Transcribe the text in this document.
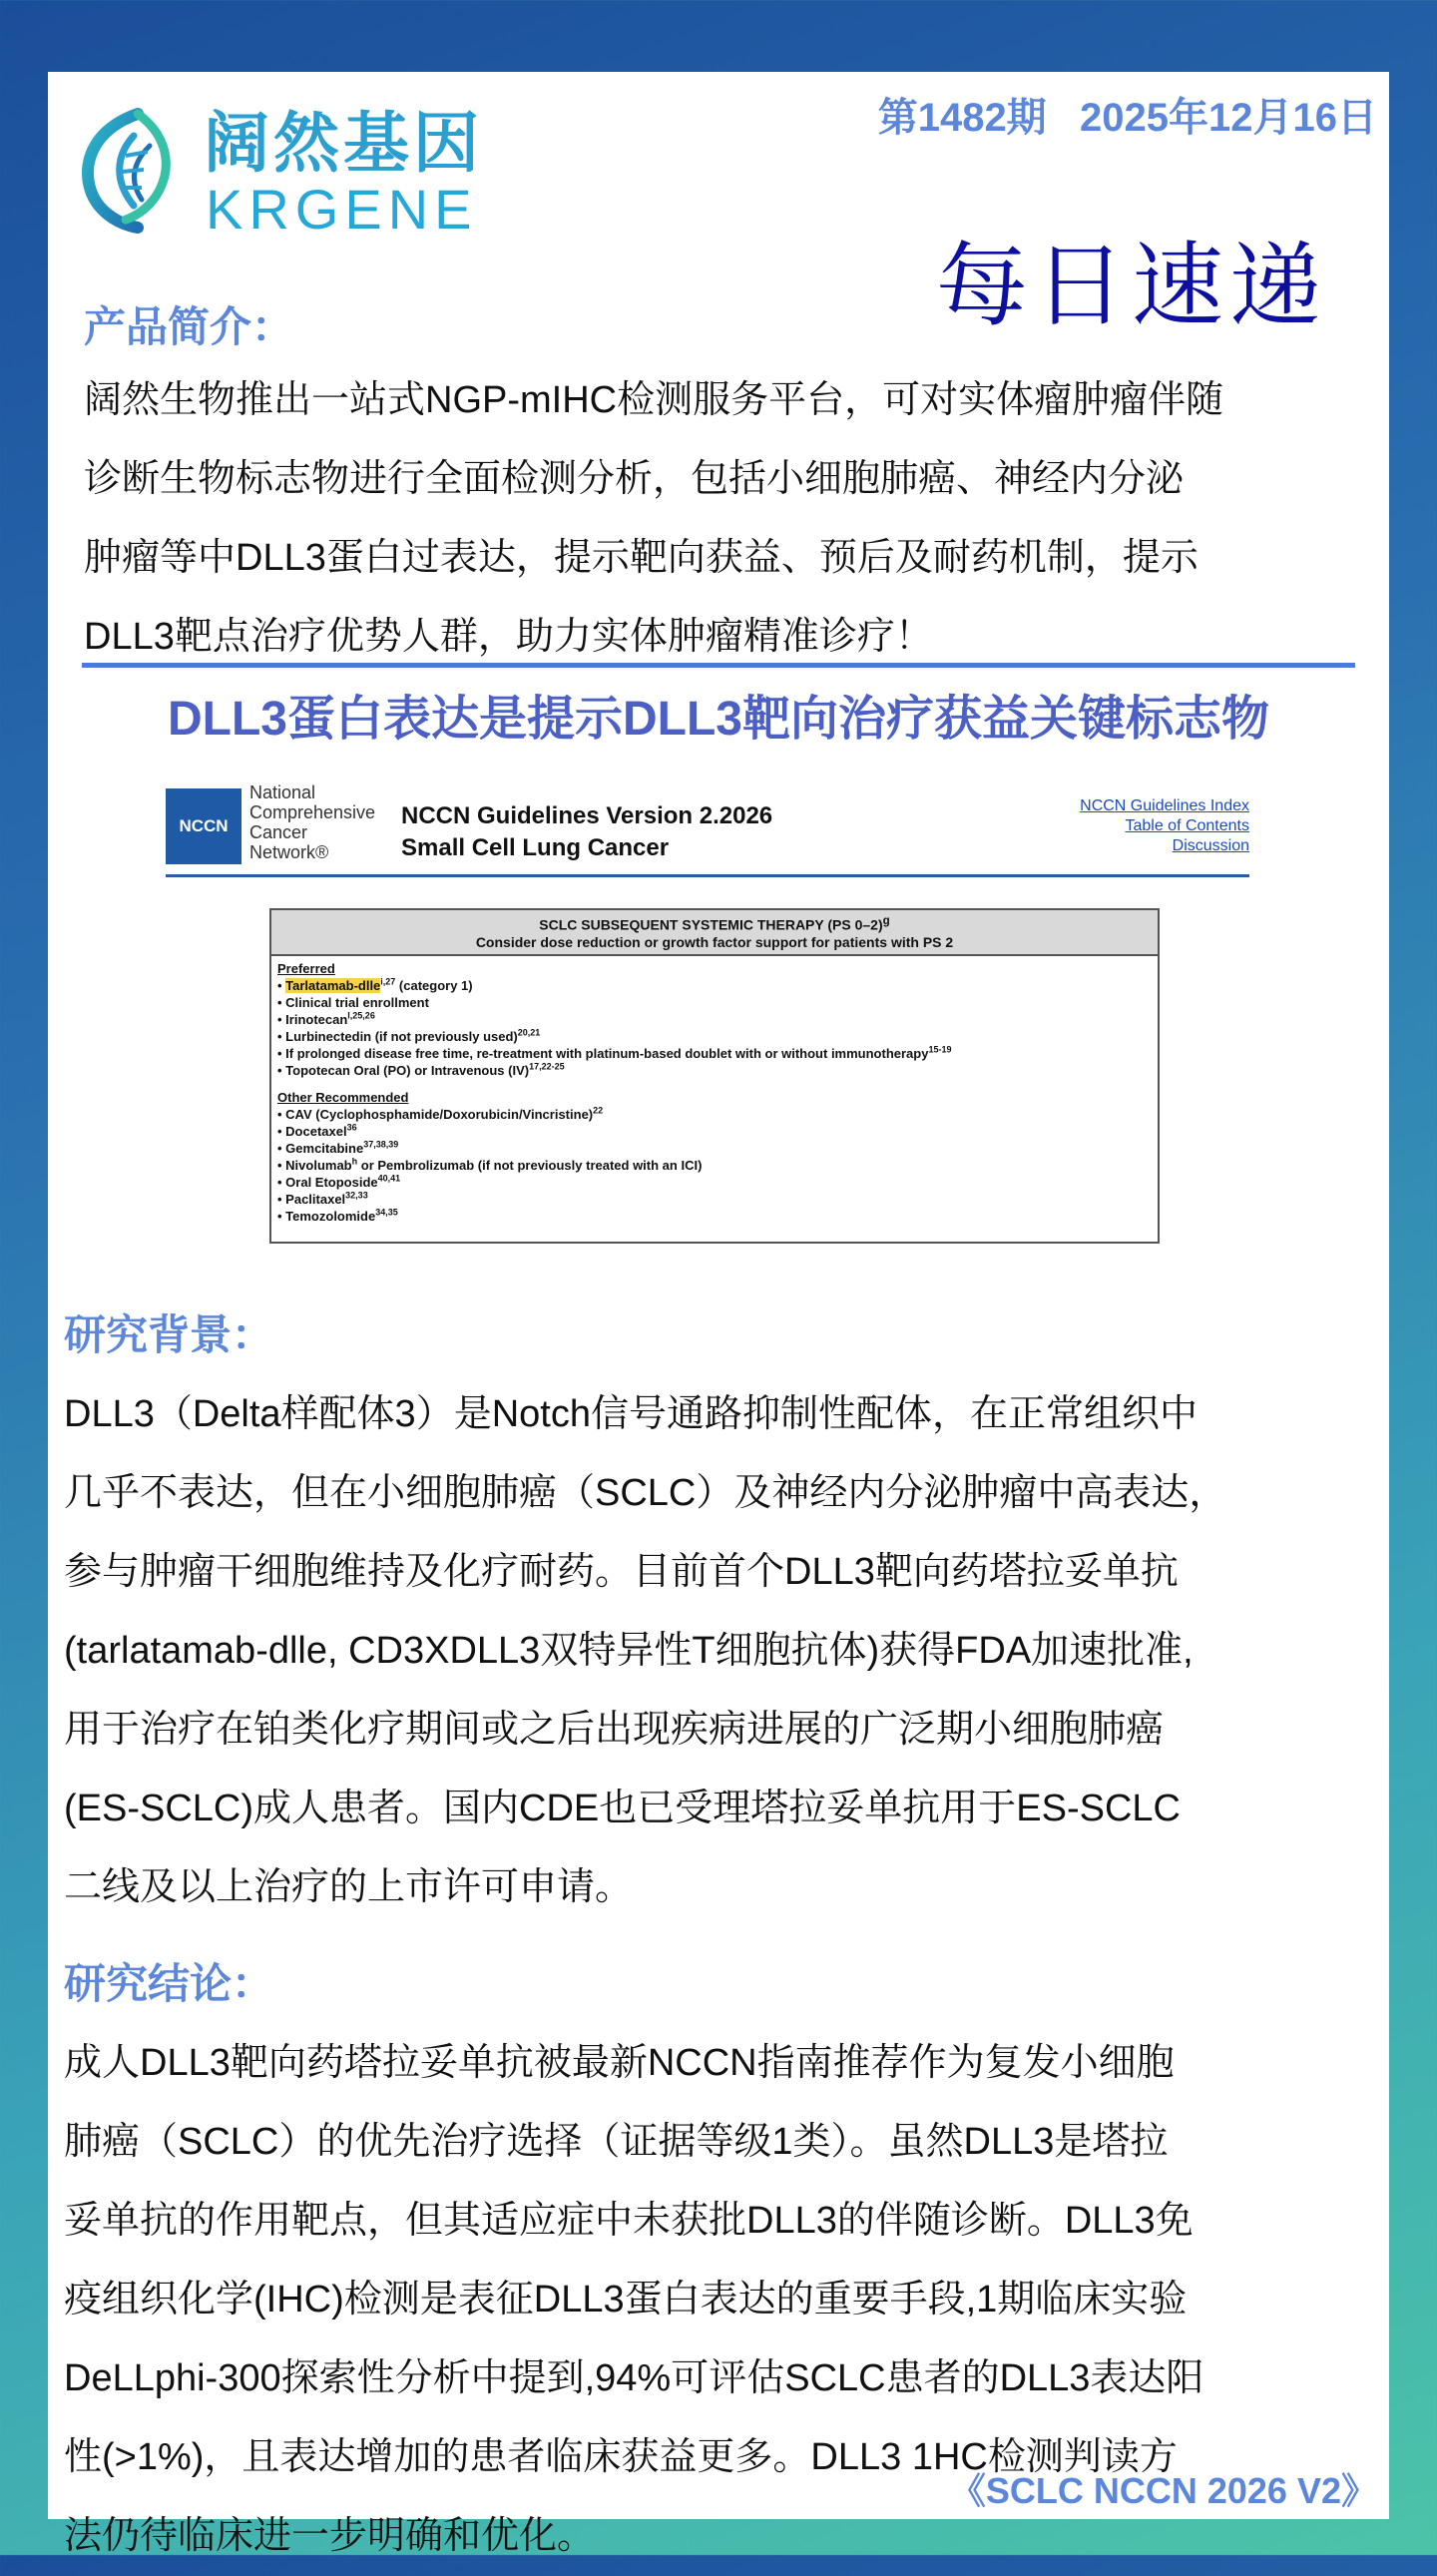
阔然基因
KRGENE
第1482期   2025年12月16日
每日速递
产品简介：

阔然生物推出一站式NGP-mIHC检测服务平台，可对实体瘤肿瘤伴随

诊断生物标志物进行全面检测分析，包括小细胞肺癌、神经内分泌

肿瘤等中DLL3蛋白过表达，提示靶向获益、预后及耐药机制，提示

DLL3靶点治疗优势人群，助力实体肿瘤精准诊疗！

DLL3蛋白表达是提示DLL3靶向治疗获益关键标志物
NCCN
National
Comprehensive
Cancer
Network®
NCCN Guidelines Version 2.2026
Small Cell Lung Cancer
NCCN Guidelines Index
Table of Contents
Discussion
SCLC SUBSEQUENT SYSTEMIC THERAPY (PS 0–2)$^g$
Consider dose reduction or growth factor support for patients with PS 2
Preferred
• Tarlatamab-dlle$^{i,27}$ (category 1)
• Clinical trial enrollment
• Irinotecan$^{l,25,26}$
• Lurbinectedin (if not previously used)$^{20,21}$
• If prolonged disease free time, re-treatment with platinum-based doublet with or without immunotherapy$^{15-19}$
• Topotecan Oral (PO) or Intravenous (IV)$^{17,22-25}$
Other Recommended
• CAV (Cyclophosphamide/Doxorubicin/Vincristine)$^{22}$
• Docetaxel$^{36}$
• Gemcitabine$^{37,38,39}$
• Nivolumab$^h$ or Pembrolizumab (if not previously treated with an ICI)
• Oral Etoposide$^{40,41}$
• Paclitaxel$^{32,33}$
• Temozolomide$^{34,35}$
研究背景：

DLL3（Delta样配体3）是Notch信号通路抑制性配体，在正常组织中

几乎不表达，但在小细胞肺癌（SCLC）及神经内分泌肿瘤中高表达，

参与肿瘤干细胞维持及化疗耐药。目前首个DLL3靶向药塔拉妥单抗

(tarlatamab-dlle, CD3XDLL3双特异性T细胞抗体)获得FDA加速批准,

用于治疗在铂类化疗期间或之后出现疾病进展的广泛期小细胞肺癌

(ES-SCLC)成人患者。国内CDE也已受理塔拉妥单抗用于ES-SCLC

二线及以上治疗的上市许可申请。

研究结论：

成人DLL3靶向药塔拉妥单抗被最新NCCN指南推荐作为复发小细胞

肺癌（SCLC）的优先治疗选择（证据等级1类）。虽然DLL3是塔拉

妥单抗的作用靶点，但其适应症中未获批DLL3的伴随诊断。DLL3免

疫组织化学(IHC)检测是表征DLL3蛋白表达的重要手段,1期临床实验

DeLLphi-300探索性分析中提到,94%可评估SCLC患者的DLL3表达阳

性(>1%)，且表达增加的患者临床获益更多。DLL3 1HC检测判读方

法仍待临床进一步明确和优化。

《SCLC NCCN 2026 V2》
